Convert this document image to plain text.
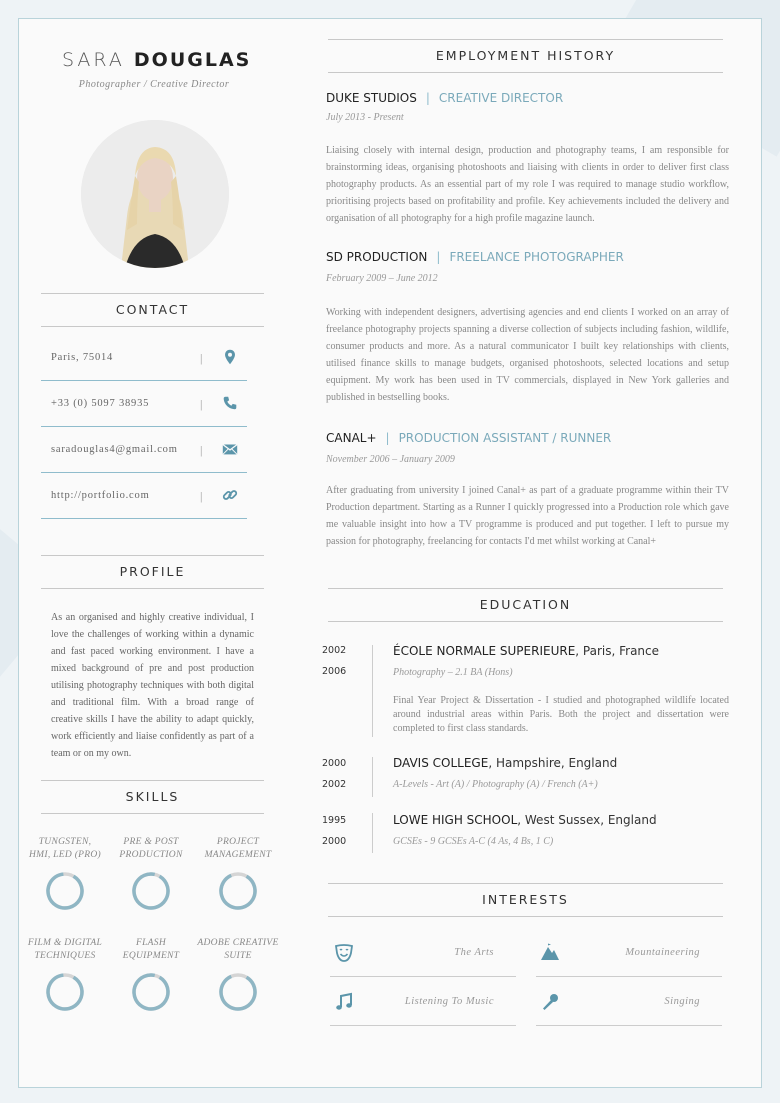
SARA DOUGLAS
Photographer / Creative Director
CONTACT
Paris, 75014	|
+33 (0) 5097 38935	|
saradouglas4@gmail.com |
http://portfolio.com	|
PROFILE
As an organised and highly creative individual, I love the challenges of working within a dynamic and fast paced working environment. I have a mixed background of pre and post production utilising photography techniques with both digital and traditional film. With a broad range of creative skills I have the ability to adapt quickly, work efficiently and liaise confidently as part of a team or on my own.
SKILLS
TUNGSTEN,
HMI, LED (PRO)
PRE & POST
PRODUCTION
PROJECT
MANAGEMENT
FILM & DIGITAL
TECHNIQUES
FLASH
EQUIPMENT
ADOBE CREATIVE
SUITE
EMPLOYMENT HISTORY
DUKE STUDIOS | CREATIVE DIRECTOR
July 2013 - Present
Liaising closely with internal design, production and photography teams, I am responsible for brainstorming ideas, organising photoshoots and liaising with clients in order to deliver first class photography products. As an essential part of my role I was required to manage studio workflow, prioritising projects based on profitability and profile. Key achievements included the delivery and organisation of all photography for a high profile magazine launch.
SD PRODUCTION | FREELANCE PHOTOGRAPHER
February 2009 – June 2012
Working with independent designers, advertising agencies and end clients I worked on an array of freelance photography projects spanning a diverse collection of subjects including fashion, wildlife, consumer products and more. As a natural communicator I built key relationships with clients, utilised finance skills to manage budgets, organised photoshoots, selected locations and setup equipment. My work has been used in TV commercials, displayed in New York galleries and published in bestselling books.
CANAL+ | PRODUCTION ASSISTANT / RUNNER
November 2006 – January 2009
After graduating from university I joined Canal+ as part of a graduate programme within their TV Production department. Starting as a Runner I quickly progressed into a Production role which gave me valuable insight into how a TV programme is produced and put together. I left to pursue my passion for photography, freelancing for contacts I'd met whilst working at Canal+
EDUCATION
2002
2006
ÉCOLE NORMALE SUPERIEURE, Paris, France
Photography – 2.1 BA (Hons)
Final Year Project & Dissertation - I studied and photographed wildlife located around industrial areas within Paris. Both the project and dissertation were completed to first class standards.
2000
2002
DAVIS COLLEGE, Hampshire, England
A-Levels - Art (A) / Photography (A) / French (A+)
1995
2000
LOWE HIGH SCHOOL, West Sussex, England
GCSEs - 9 GCSEs A-C (4 As, 4 Bs, 1 C)
INTERESTS
The Arts	Mountaineering
Listening To Music	Singing
